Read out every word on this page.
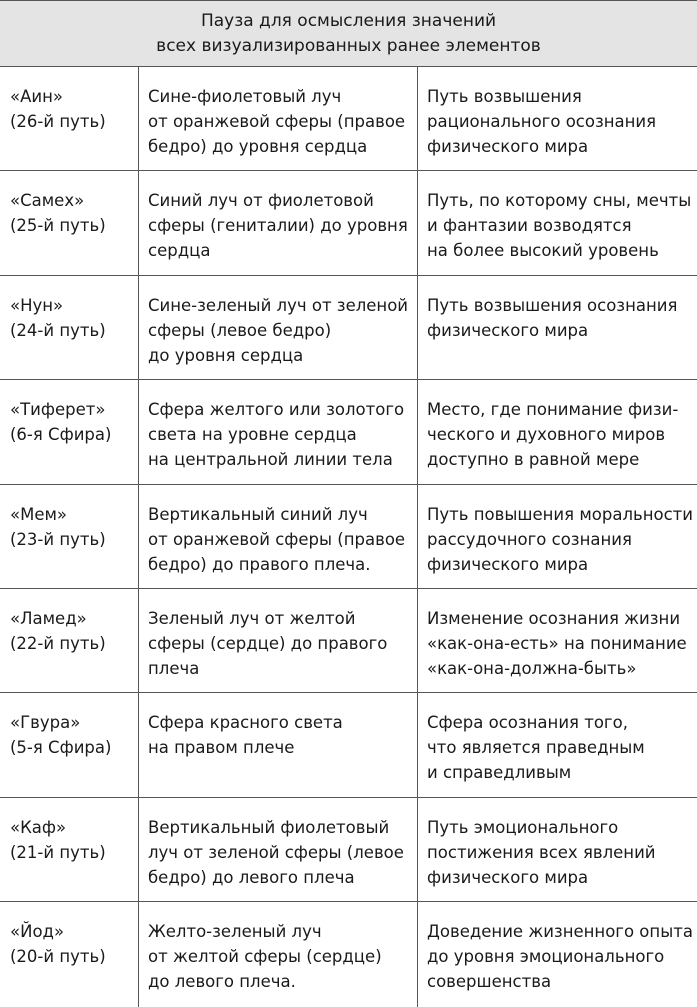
Пауза для осмысления значений
всех визуализированных ранее элементов
«Аин»
(26-й путь)
Сине-фиолетовый луч
от оранжевой сферы (правое
бедро) до уровня сердца
Путь возвышения
рационального осознания
физического мира
«Самех»
(25-й путь)
Синий луч от фиолетовой
сферы (гениталии) до уровня
сердца
Путь, по которому сны, мечты
и фантазии возводятся
на более высокий уровень
«Нун»
(24-й путь)
Сине-зеленый луч от зеленой
сферы (левое бедро)
до уровня сердца
Путь возвышения осознания
физического мира
«Тиферет»
(6-я Сфира)
Сфера желтого или золотого
света на уровне сердца
на центральной линии тела
Место, где понимание физи-
ческого и духовного миров
доступно в равной мере
«Мем»
(23-й путь)
Вертикальный синий луч
от оранжевой сферы (правое
бедро) до правого плеча.
Путь повышения моральности
рассудочного сознания
физического мира
«Ламед»
(22-й путь)
Зеленый луч от желтой
сферы (сердце) до правого
плеча
Изменение осознания жизни
«как-она-есть» на понимание
«как-она-должна-быть»
«Гвура»
(5-я Сфира)
Сфера красного света
на правом плече
Сфера осознания того,
что является праведным
и справедливым
«Каф»
(21-й путь)
Вертикальный фиолетовый
луч от зеленой сферы (левое
бедро) до левого плеча
Путь эмоционального
постижения всех явлений
физического мира
«Йод»
(20-й путь)
Желто-зеленый луч
от желтой сферы (сердце)
до левого плеча.
Доведение жизненного опыта
до уровня эмоционального
совершенства
